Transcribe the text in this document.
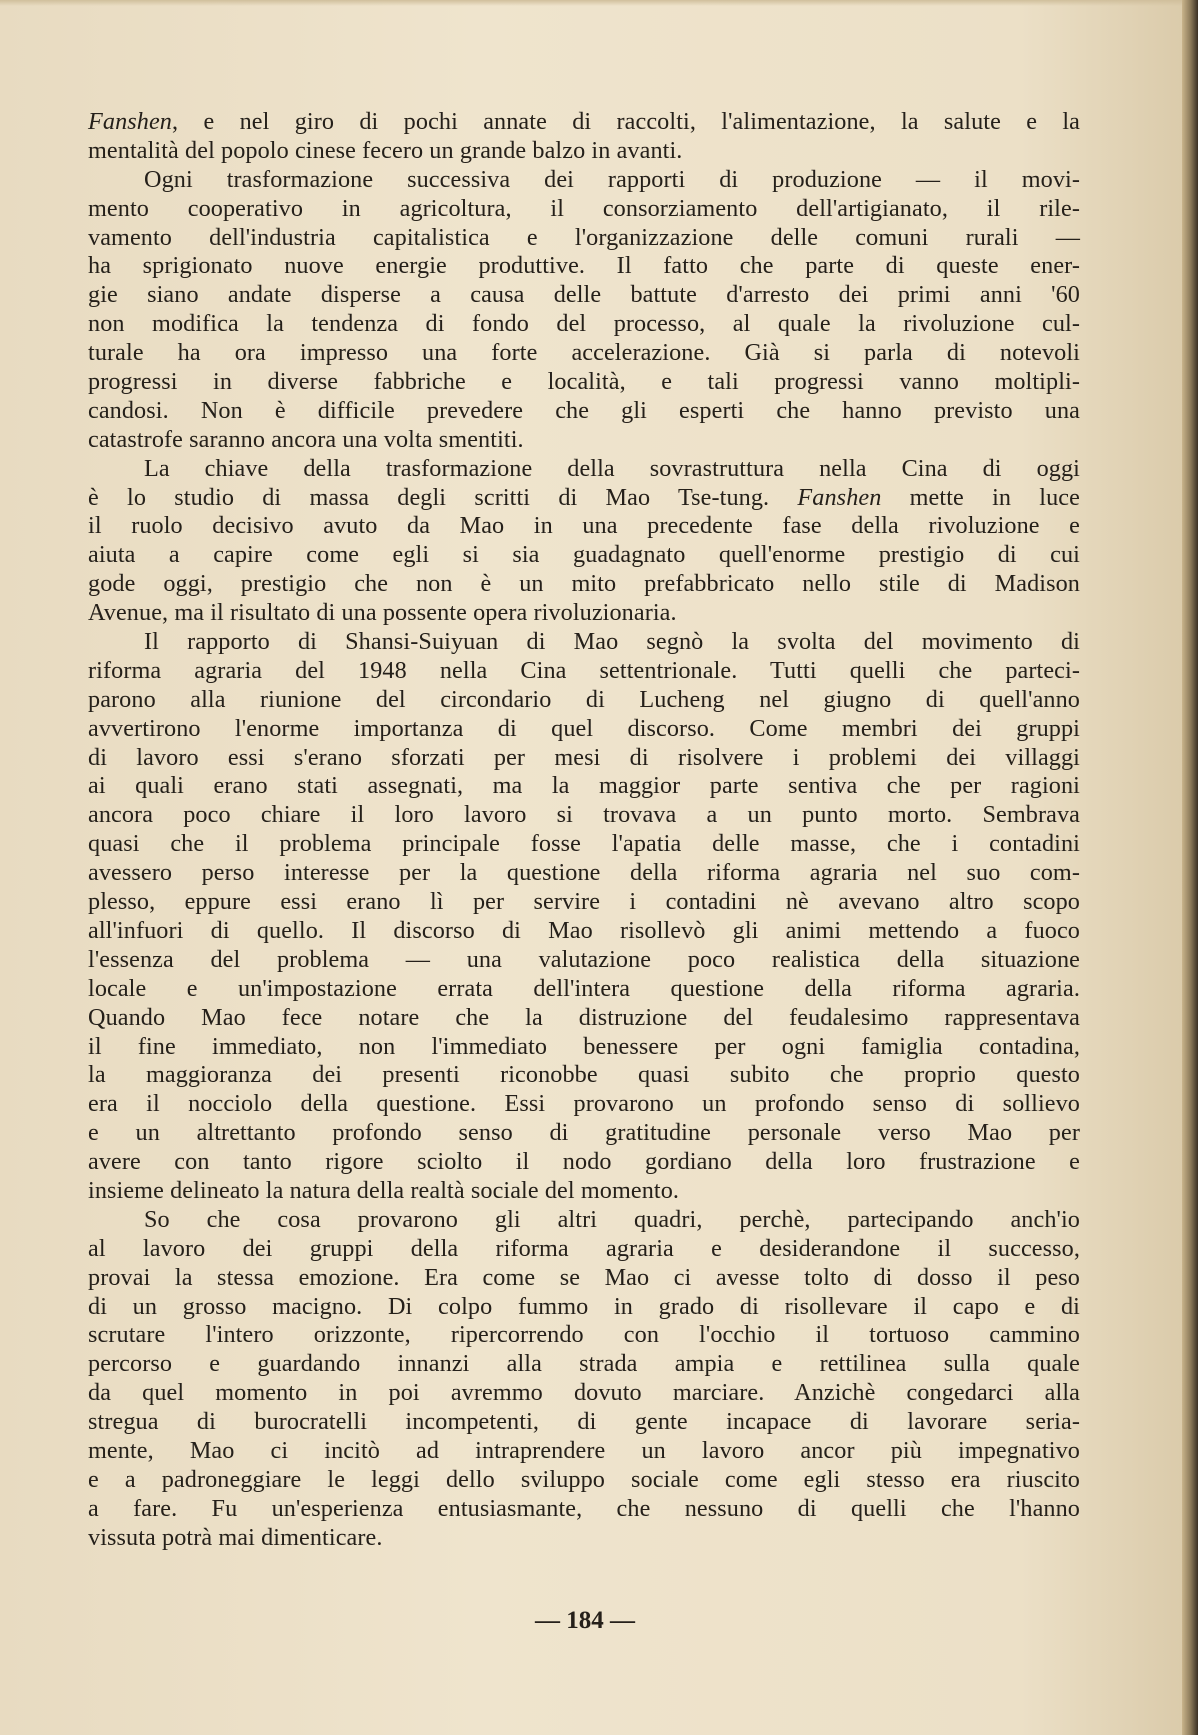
Fanshen, e nel giro di pochi annate di raccolti, l'alimentazione, la salute e la
mentalità del popolo cinese fecero un grande balzo in avanti.
Ogni trasformazione successiva dei rapporti di produzione — il movi-
mento cooperativo in agricoltura, il consorziamento dell'artigianato, il rile-
vamento dell'industria capitalistica e l'organizzazione delle comuni rurali —
ha sprigionato nuove energie produttive. Il fatto che parte di queste ener-
gie siano andate disperse a causa delle battute d'arresto dei primi anni '60
non modifica la tendenza di fondo del processo, al quale la rivoluzione cul-
turale ha ora impresso una forte accelerazione. Già si parla di notevoli
progressi in diverse fabbriche e località, e tali progressi vanno moltipli-
candosi. Non è difficile prevedere che gli esperti che hanno previsto una
catastrofe saranno ancora una volta smentiti.
La chiave della trasformazione della sovrastruttura nella Cina di oggi
è lo studio di massa degli scritti di Mao Tse-tung. Fanshen mette in luce
il ruolo decisivo avuto da Mao in una precedente fase della rivoluzione e
aiuta a capire come egli si sia guadagnato quell'enorme prestigio di cui
gode oggi, prestigio che non è un mito prefabbricato nello stile di Madison
Avenue, ma il risultato di una possente opera rivoluzionaria.
Il rapporto di Shansi-Suiyuan di Mao segnò la svolta del movimento di
riforma agraria del 1948 nella Cina settentrionale. Tutti quelli che parteci-
parono alla riunione del circondario di Lucheng nel giugno di quell'anno
avvertirono l'enorme importanza di quel discorso. Come membri dei gruppi
di lavoro essi s'erano sforzati per mesi di risolvere i problemi dei villaggi
ai quali erano stati assegnati, ma la maggior parte sentiva che per ragioni
ancora poco chiare il loro lavoro si trovava a un punto morto. Sembrava
quasi che il problema principale fosse l'apatia delle masse, che i contadini
avessero perso interesse per la questione della riforma agraria nel suo com-
plesso, eppure essi erano lì per servire i contadini nè avevano altro scopo
all'infuori di quello. Il discorso di Mao risollevò gli animi mettendo a fuoco
l'essenza del problema — una valutazione poco realistica della situazione
locale e un'impostazione errata dell'intera questione della riforma agraria.
Quando Mao fece notare che la distruzione del feudalesimo rappresentava
il fine immediato, non l'immediato benessere per ogni famiglia contadina,
la maggioranza dei presenti riconobbe quasi subito che proprio questo
era il nocciolo della questione. Essi provarono un profondo senso di sollievo
e un altrettanto profondo senso di gratitudine personale verso Mao per
avere con tanto rigore sciolto il nodo gordiano della loro frustrazione e
insieme delineato la natura della realtà sociale del momento.
So che cosa provarono gli altri quadri, perchè, partecipando anch'io
al lavoro dei gruppi della riforma agraria e desiderandone il successo,
provai la stessa emozione. Era come se Mao ci avesse tolto di dosso il peso
di un grosso macigno. Di colpo fummo in grado di risollevare il capo e di
scrutare l'intero orizzonte, ripercorrendo con l'occhio il tortuoso cammino
percorso e guardando innanzi alla strada ampia e rettilinea sulla quale
da quel momento in poi avremmo dovuto marciare. Anzichè congedarci alla
stregua di burocratelli incompetenti, di gente incapace di lavorare seria-
mente, Mao ci incitò ad intraprendere un lavoro ancor più impegnativo
e a padroneggiare le leggi dello sviluppo sociale come egli stesso era riuscito
a fare. Fu un'esperienza entusiasmante, che nessuno di quelli che l'hanno
vissuta potrà mai dimenticare.
— 184 —
